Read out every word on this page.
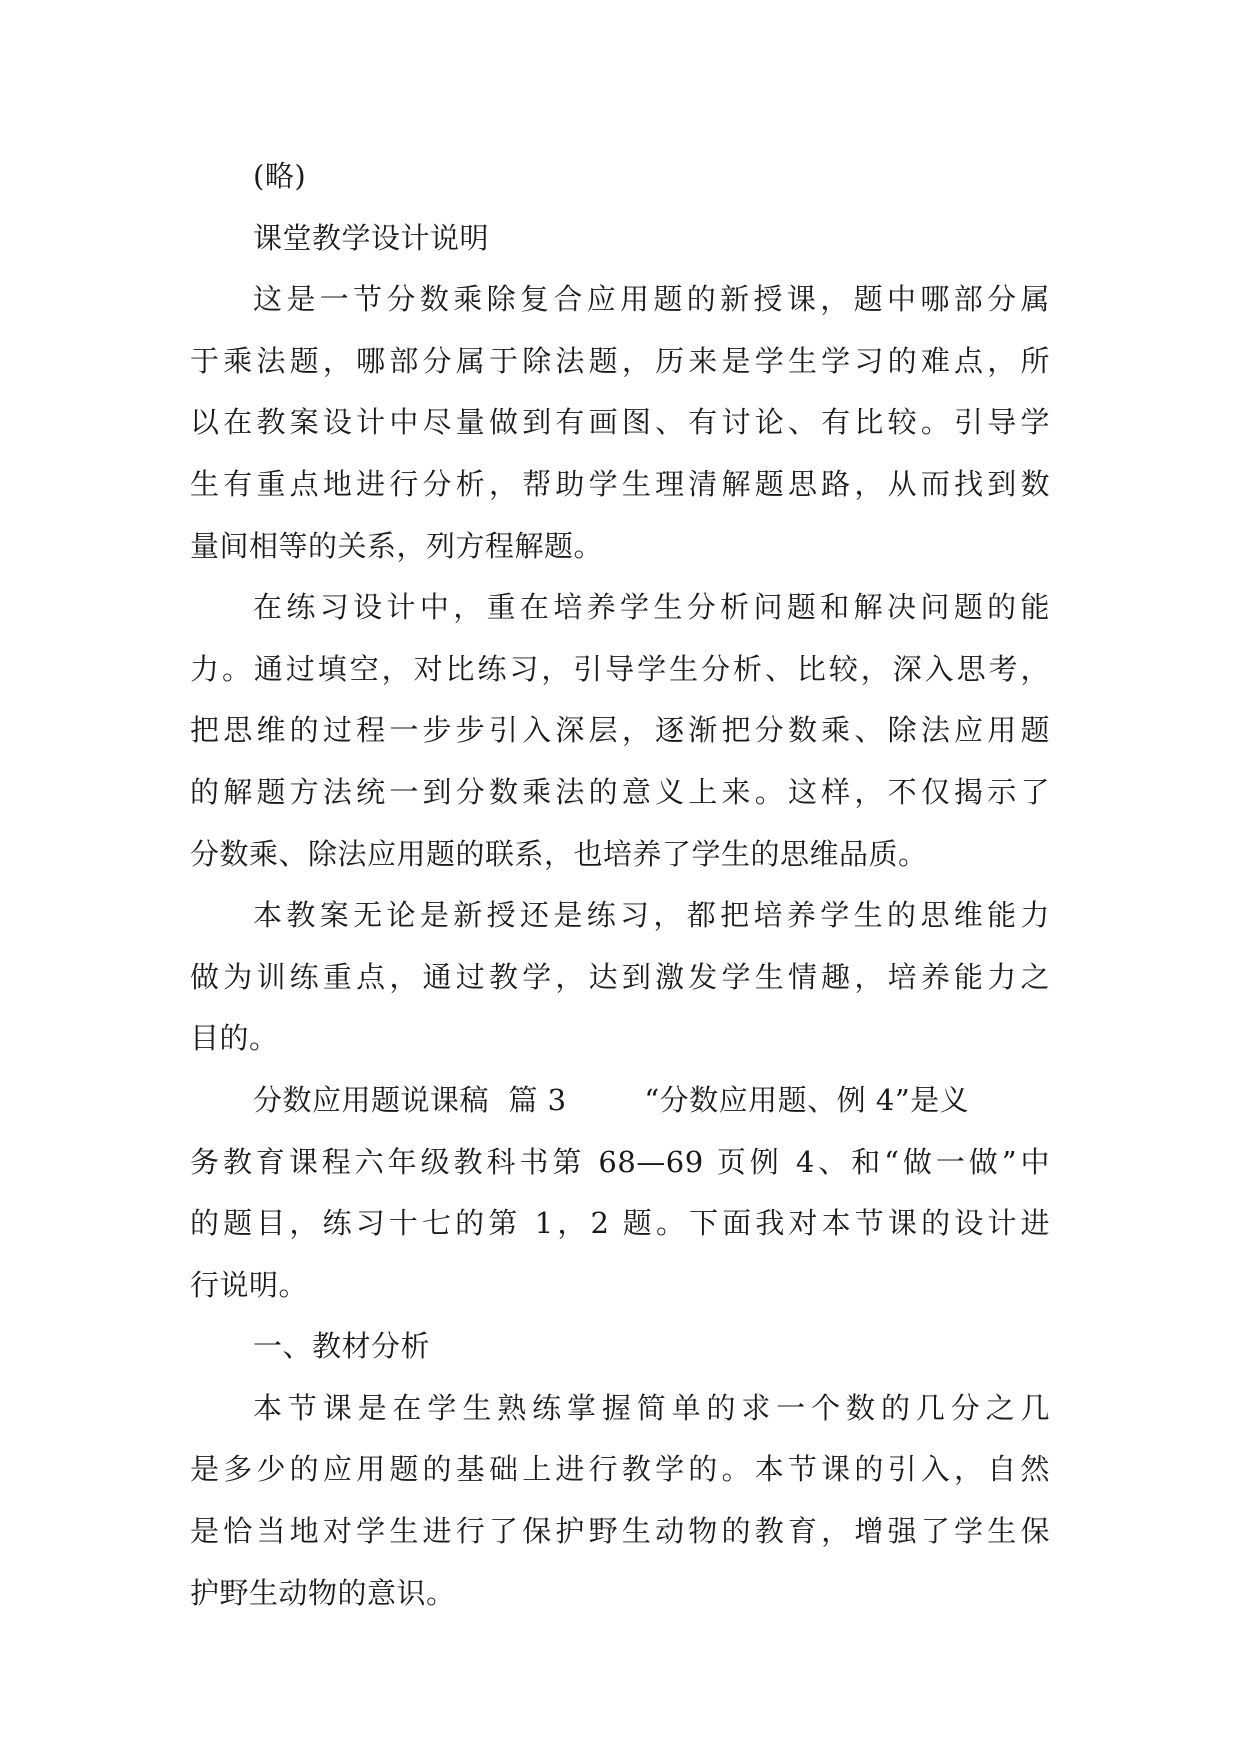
(略)
课堂教学设计说明
这是一节分数乘除复合应用题的新授课，题中哪部分属
于乘法题，哪部分属于除法题，历来是学生学习的难点，所
以在教案设计中尽量做到有画图、有讨论、有比较。引导学
生有重点地进行分析，帮助学生理清解题思路，从而找到数
量间相等的关系，列方程解题。
在练习设计中，重在培养学生分析问题和解决问题的能
力。通过填空，对比练习，引导学生分析、比较，深入思考，
把思维的过程一步步引入深层，逐渐把分数乘、除法应用题
的解题方法统一到分数乘法的意义上来。这样，不仅揭示了
分数乘、除法应用题的联系，也培养了学生的思维品质。
本教案无论是新授还是练习，都把培养学生的思维能力
做为训练重点，通过教学，达到激发学生情趣，培养能力之
目的。
分数应用题说课稿  篇 3        “分数应用题、例 4”是义
务教育课程六年级教科书第 68—69 页例 4、和“做一做”中
的题目，练习十七的第 1，2 题。下面我对本节课的设计进
行说明。
一、教材分析
本节课是在学生熟练掌握简单的求一个数的几分之几
是多少的应用题的基础上进行教学的。本节课的引入，自然
是恰当地对学生进行了保护野生动物的教育，增强了学生保
护野生动物的意识。
